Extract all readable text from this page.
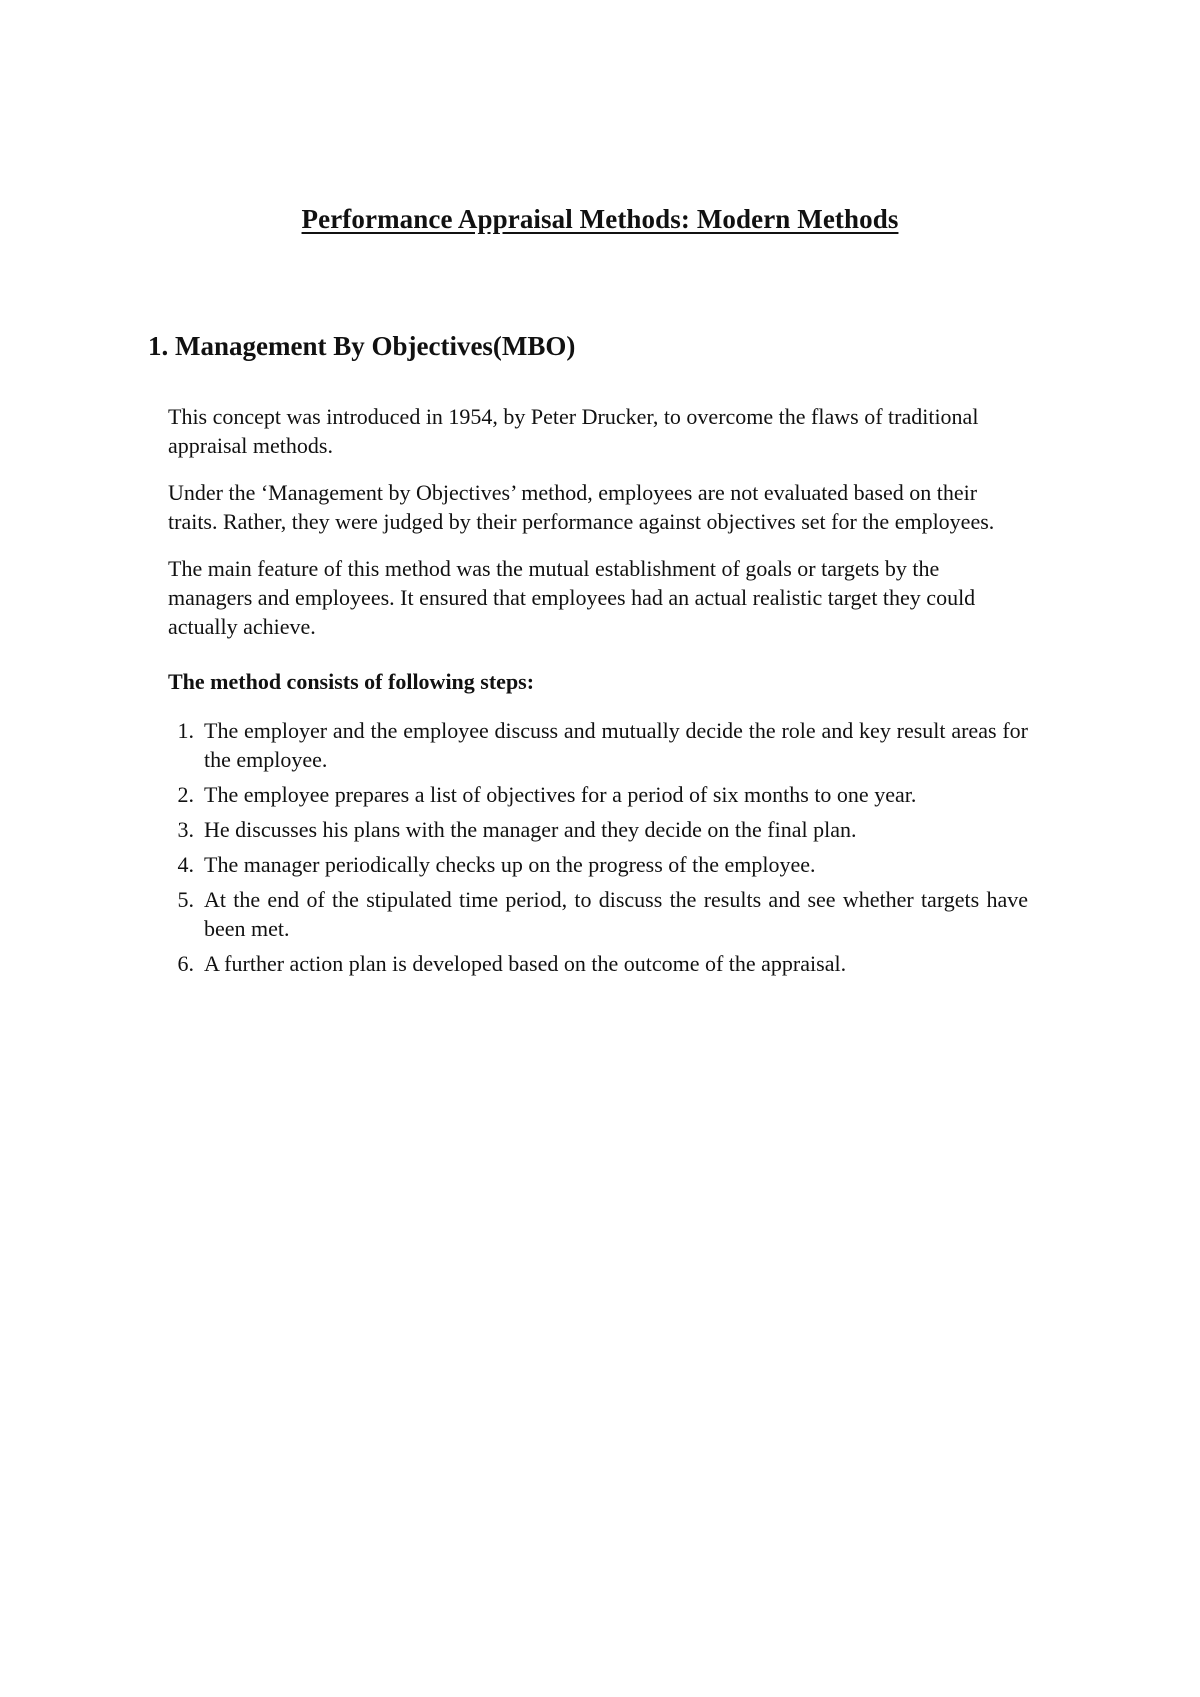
Performance Appraisal Methods: Modern Methods
1. Management By Objectives(MBO)

This concept was introduced in 1954, by Peter Drucker, to overcome the flaws of traditional appraisal methods.

Under the ‘Management by Objectives’ method, employees are not evaluated based on their traits. Rather, they were judged by their performance against objectives set for the employees.

The main feature of this method was the mutual establishment of goals or targets by the managers and employees. It ensured that employees had an actual realistic target they could actually achieve.

The method consists of following steps:
1. The employer and the employee discuss and mutually decide the role and key result areas for the employee.
2. The employee prepares a list of objectives for a period of six months to one year.
3. He discusses his plans with the manager and they decide on the final plan.
4. The manager periodically checks up on the progress of the employee.
5. At the end of the stipulated time period, to discuss the results and see whether targets have been met.
6. A further action plan is developed based on the outcome of the appraisal.
